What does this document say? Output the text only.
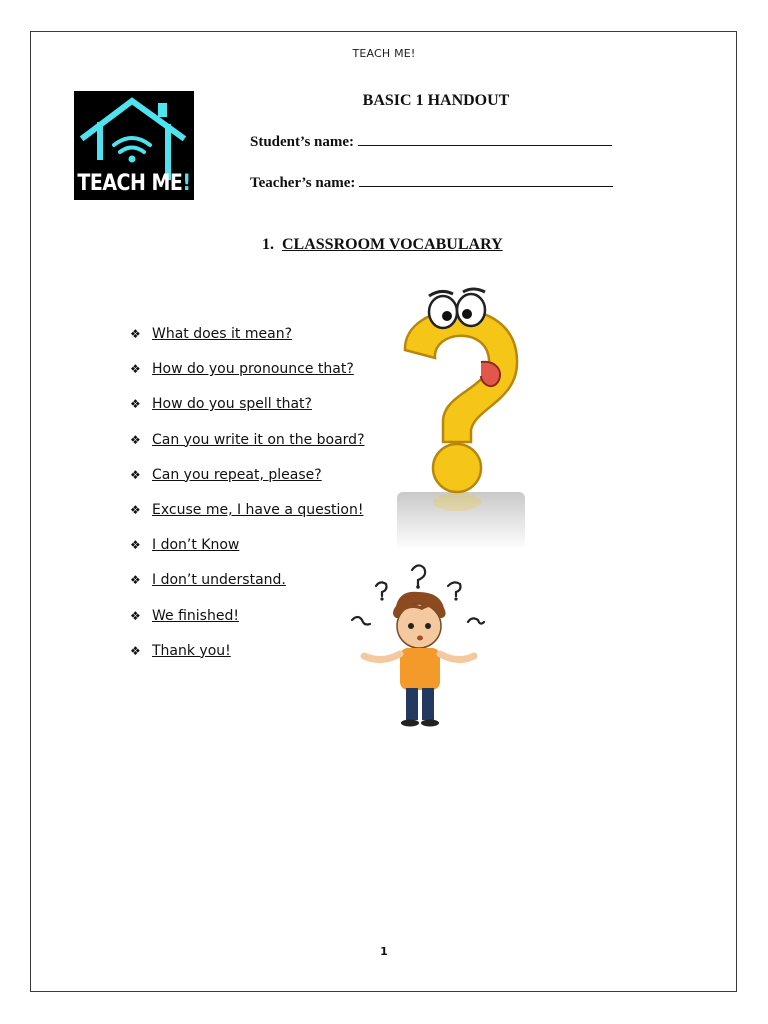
TEACH ME!
TEACH ME!
BASIC 1 HANDOUT
Student’s name:
Teacher’s name:
1. CLASSROOM VOCABULARY
❖ What does it mean?
❖ How do you pronounce that?
❖ How do you spell that?
❖ Can you write it on the board?
❖ Can you repeat, please?
❖ Excuse me, I have a question!
❖ I don’t Know
❖ I don’t understand.
❖ We finished!
❖ Thank you!
1
